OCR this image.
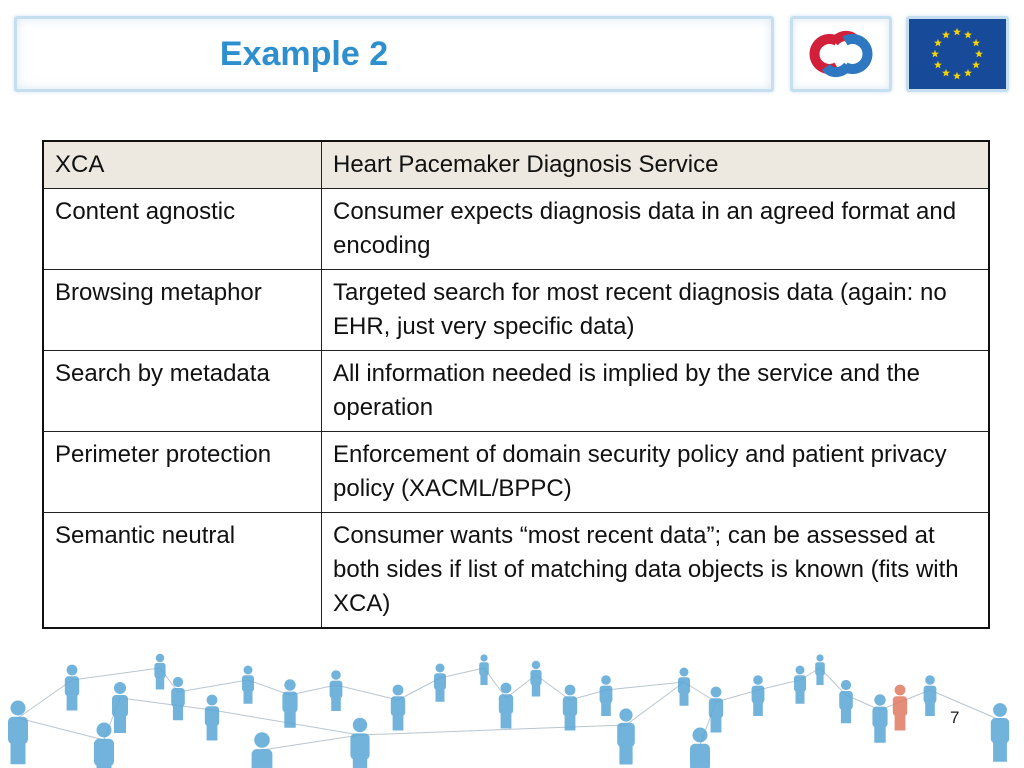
Example 2
XCA	Heart Pacemaker Diagnosis Service
Content agnostic	Consumer expects diagnosis data in an agreed format and encoding
Browsing metaphor	Targeted search for most recent diagnosis data (again: no EHR, just very specific data)
Search by metadata	All information needed is implied by the service and the operation
Perimeter protection	Enforcement of domain security policy and patient privacy policy (XACML/BPPC)
Semantic neutral	Consumer wants “most recent data”; can be assessed at both sides if list of matching data objects is known (fits with XCA)
7
